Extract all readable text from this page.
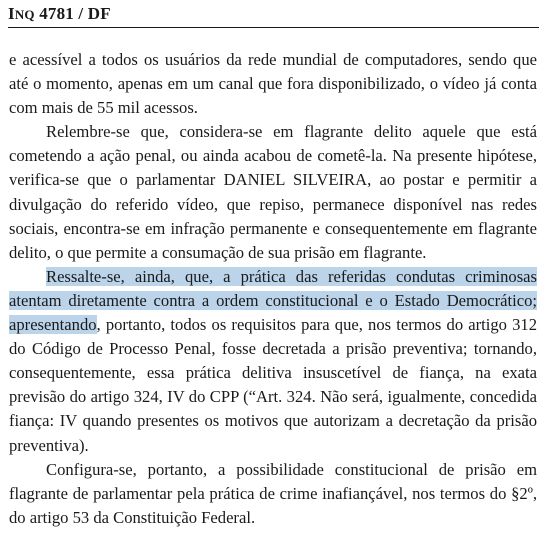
INQ 4781 / DF

e acessível a todos os usuários da rede mundial de computadores, sendo que até o momento, apenas em um canal que fora disponibilizado, o vídeo já conta com mais de 55 mil acessos.

Relembre-se que, considera-se em flagrante delito aquele que está cometendo a ação penal, ou ainda acabou de cometê-la. Na presente hipótese, verifica-se que o parlamentar DANIEL SILVEIRA, ao postar e permitir a divulgação do referido vídeo, que repiso, permanece disponível nas redes sociais, encontra-se em infração permanente e consequentemente em flagrante delito, o que permite a consumação de sua prisão em flagrante.

Ressalte-se, ainda, que, a prática das referidas condutas criminosas atentam diretamente contra a ordem constitucional e o Estado Democrático; apresentando, portanto, todos os requisitos para que, nos termos do artigo 312 do Código de Processo Penal, fosse decretada a prisão preventiva; tornando, consequentemente, essa prática delitiva insuscetível de fiança, na exata previsão do artigo 324, IV do CPP (“Art. 324. Não será, igualmente, concedida fiança: IV quando presentes os motivos que autorizam a decretação da prisão preventiva).

Configura-se, portanto, a possibilidade constitucional de prisão em flagrante de parlamentar pela prática de crime inafiançável, nos termos do §2º, do artigo 53 da Constituição Federal.
